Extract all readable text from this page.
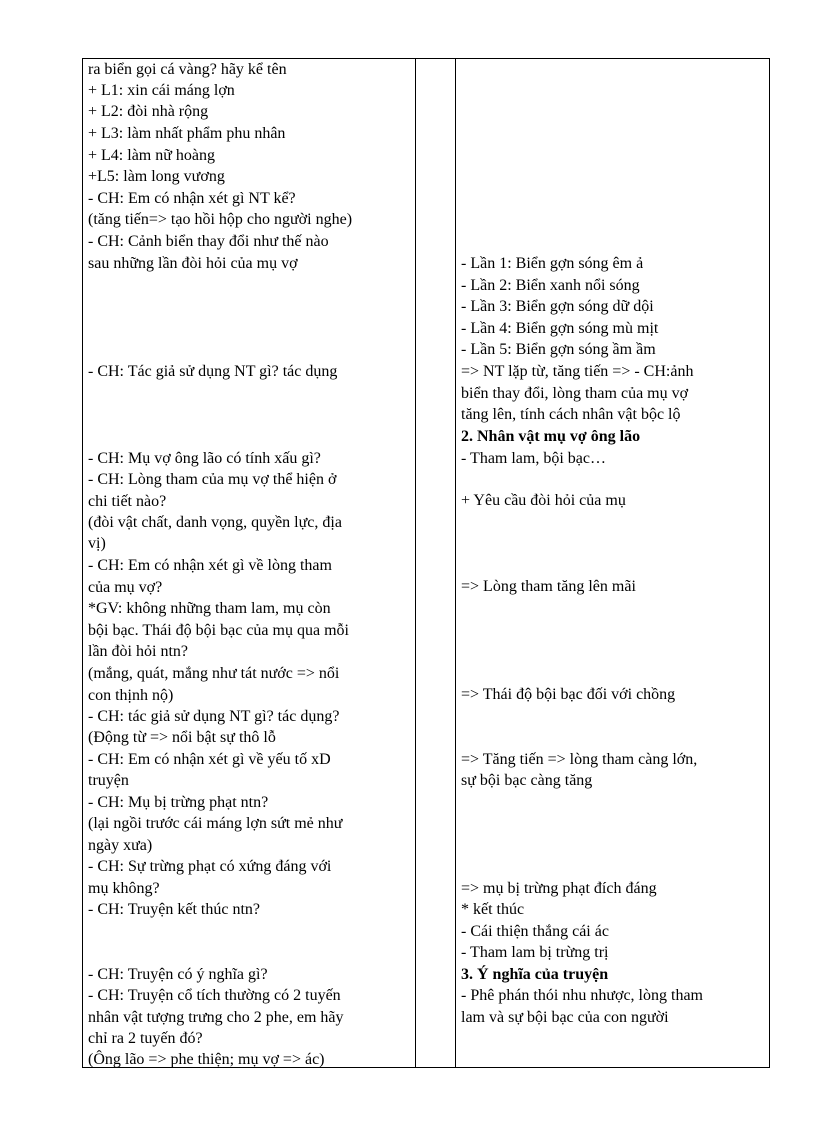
ra biển gọi cá vàng? hãy kể tên
+ L1: xin cái máng lợn
+ L2: đòi nhà rộng
+ L3: làm nhất phẩm phu nhân
+ L4: làm nữ hoàng
+L5: làm long vương
- CH: Em có nhận xét gì NT kể?
(tăng tiến=> tạo hồi hộp cho người nghe)
- CH: Cảnh biển thay đổi như thế nào
sau những lần đòi hỏi của mụ vợ
- CH: Tác giả sử dụng NT gì? tác dụng
- CH: Mụ vợ ông lão có tính xấu gì?
- CH: Lòng tham của mụ vợ thể hiện ở
chi tiết nào?
(đòi vật chất, danh vọng, quyền lực, địa
vị)
- CH: Em có nhận xét gì về lòng tham
của mụ vợ?
*GV: không những tham lam, mụ còn
bội bạc. Thái độ bội bạc của mụ qua mỗi
lần đòi hỏi ntn?
(mắng, quát, mắng như tát nước => nổi
con thịnh nộ)
- CH: tác giả sử dụng NT gì? tác dụng?
(Động từ => nổi bật sự thô lỗ
- CH: Em có nhận xét gì về yếu tố xD
truyện
- CH: Mụ bị trừng phạt ntn?
(lại ngồi trước cái máng lợn sứt mẻ như
ngày xưa)
- CH: Sự trừng phạt có xứng đáng với
mụ không?
- CH: Truyện kết thúc ntn?
- CH: Truyện có ý nghĩa gì?
- CH: Truyện cổ tích thường có 2 tuyến
nhân vật tượng trưng cho 2 phe, em hãy
chỉ ra 2 tuyến đó?
(Ông lão => phe thiện; mụ vợ => ác)
- Lần 1: Biển gợn sóng êm ả
- Lần 2: Biển xanh nổi sóng
- Lần 3: Biển gợn sóng dữ dội
- Lần 4: Biển gợn sóng mù mịt
- Lần 5: Biển gợn sóng ầm ầm
=> NT lặp từ, tăng tiến => - CH:ảnh
biển thay đổi, lòng tham của mụ vợ
tăng lên, tính cách nhân vật bộc lộ
2. Nhân vật mụ vợ ông lão
- Tham lam, bội bạc…
+ Yêu cầu đòi hỏi của mụ
=> Lòng tham tăng lên mãi
=> Thái độ bội bạc đối với chồng
=> Tăng tiến => lòng tham càng lớn,
sự bội bạc càng tăng
=> mụ bị trừng phạt đích đáng
* kết thúc
- Cái thiện thắng cái ác
- Tham lam bị trừng trị
3. Ý nghĩa của truyện
- Phê phán thói nhu nhược, lòng tham
lam và sự bội bạc của con người
